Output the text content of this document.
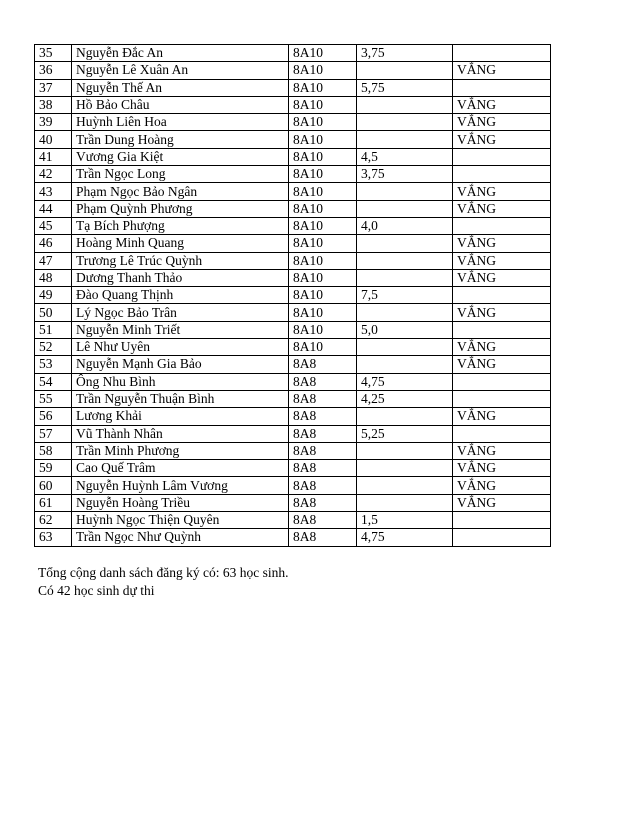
35	Nguyễn Đắc An	8A10	3,75	
36	Nguyễn Lê Xuân An	8A10		VẮNG
37	Nguyễn Thế An	8A10	5,75	
38	Hồ Bảo Châu	8A10		VẮNG
39	Huỳnh Liên Hoa	8A10		VẮNG
40	Trần Dung Hoàng	8A10		VẮNG
41	Vương Gia Kiệt	8A10	4,5	
42	Trần Ngọc Long	8A10	3,75	
43	Phạm Ngọc Bảo Ngân	8A10		VẮNG
44	Phạm Quỳnh Phương	8A10		VẮNG
45	Tạ Bích Phượng	8A10	4,0	
46	Hoàng Minh Quang	8A10		VẮNG
47	Trương Lê Trúc Quỳnh	8A10		VẮNG
48	Dương Thanh Thảo	8A10		VẮNG
49	Đào Quang Thịnh	8A10	7,5	
50	Lý Ngọc Bảo Trân	8A10		VẮNG
51	Nguyễn Minh Triết	8A10	5,0	
52	Lê Như Uyên	8A10		VẮNG
53	Nguyễn Mạnh Gia Bảo	8A8		VẮNG
54	Ông Nhu Bình	8A8	4,75	
55	Trần Nguyễn Thuận Bình	8A8	4,25	
56	Lương Khải	8A8		VẮNG
57	Vũ Thành Nhân	8A8	5,25	
58	Trần Minh Phương	8A8		VẮNG
59	Cao Quế Trâm	8A8		VẮNG
60	Nguyễn Huỳnh Lâm Vương	8A8		VẮNG
61	Nguyễn Hoàng Triều	8A8		VẮNG
62	Huỳnh Ngọc Thiện Quyên	8A8	1,5	
63	Trần Ngọc Như Quỳnh	8A8	4,75	

Tổng cộng danh sách đăng ký có: 63 học sinh.

Có 42 học sinh dự thi
